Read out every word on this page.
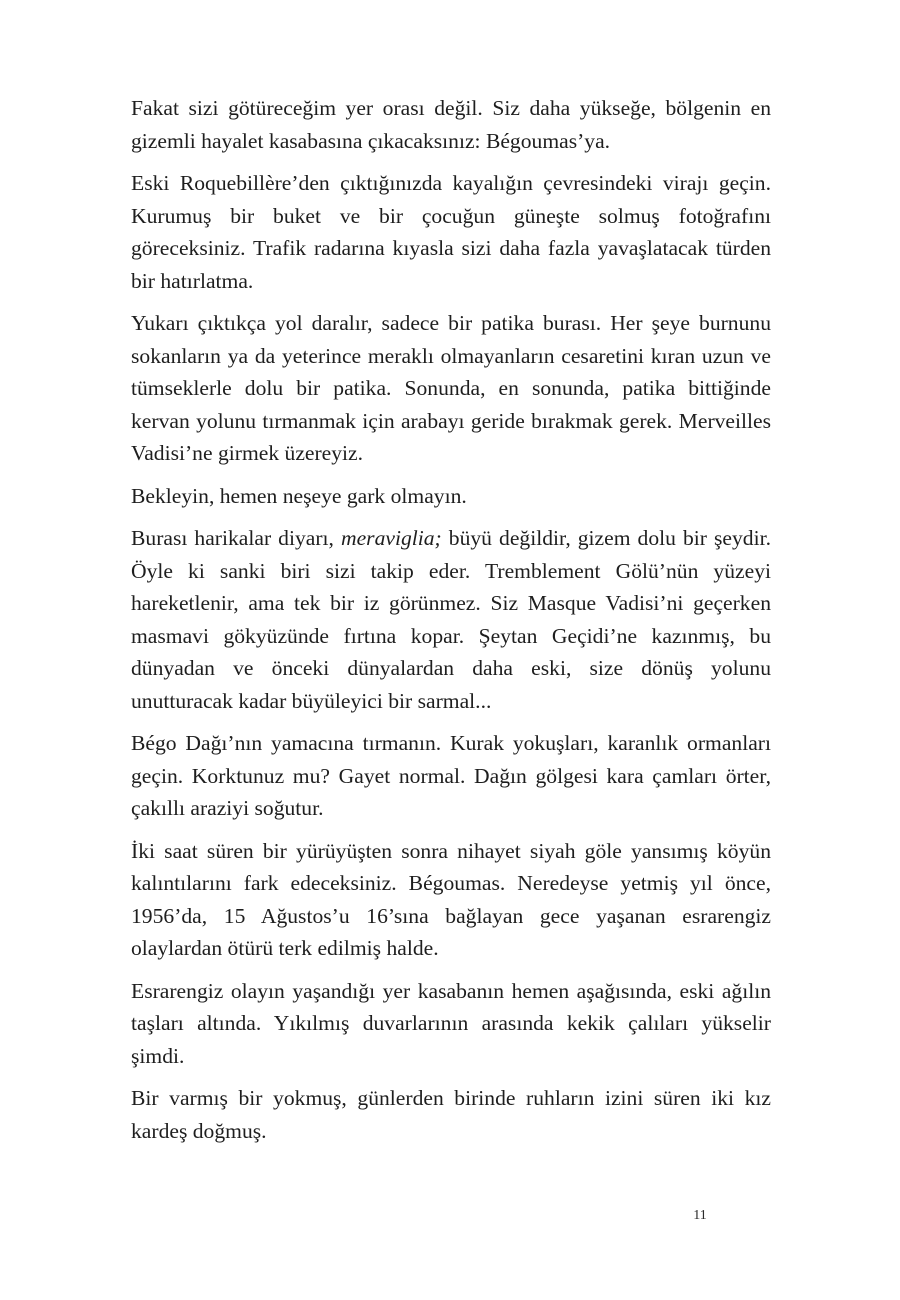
Fakat sizi götüreceğim yer orası değil. Siz daha yükseğe, bölgenin en gizemli hayalet kasabasına çıkacaksınız: Bégoumas’ya.

Eski Roquebillère’den çıktığınızda kayalığın çevresindeki virajı geçin. Kurumuş bir buket ve bir çocuğun güneşte solmuş fotoğrafını göreceksiniz. Trafik radarına kıyasla sizi daha fazla yavaşlatacak türden bir hatırlatma.

Yukarı çıktıkça yol daralır, sadece bir patika burası. Her şeye burnunu sokanların ya da yeterince meraklı olmayanların cesaretini kıran uzun ve tümseklerle dolu bir patika. Sonunda, en sonunda, patika bittiğinde kervan yolunu tırmanmak için arabayı geride bırakmak gerek. Merveilles Vadisi’ne girmek üzereyiz.

Bekleyin, hemen neşeye gark olmayın.

Burası harikalar diyarı, meraviglia; büyü değildir, gizem dolu bir şeydir. Öyle ki sanki biri sizi takip eder. Tremblement Gölü’nün yüzeyi hareketlenir, ama tek bir iz görünmez. Siz Masque Vadisi’ni geçerken masmavi gökyüzünde fırtına kopar. Şeytan Geçidi’ne kazınmış, bu dünyadan ve önceki dünyalardan daha eski, size dönüş yolunu unutturacak kadar büyüleyici bir sarmal...

Bégo Dağı’nın yamacına tırmanın. Kurak yokuşları, karanlık ormanları geçin. Korktunuz mu? Gayet normal. Dağın gölgesi kara çamları örter, çakıllı araziyi soğutur.

İki saat süren bir yürüyüşten sonra nihayet siyah göle yansımış köyün kalıntılarını fark edeceksiniz. Bégoumas. Neredeyse yetmiş yıl önce, 1956’da, 15 Ağustos’u 16’sına bağlayan gece yaşanan esrarengiz olaylardan ötürü terk edilmiş halde.

Esrarengiz olayın yaşandığı yer kasabanın hemen aşağısında, eski ağılın taşları altında. Yıkılmış duvarlarının arasında kekik çalıları yükselir şimdi.

Bir varmış bir yokmuş, günlerden birinde ruhların izini süren iki kız kardeş doğmuş.

11
